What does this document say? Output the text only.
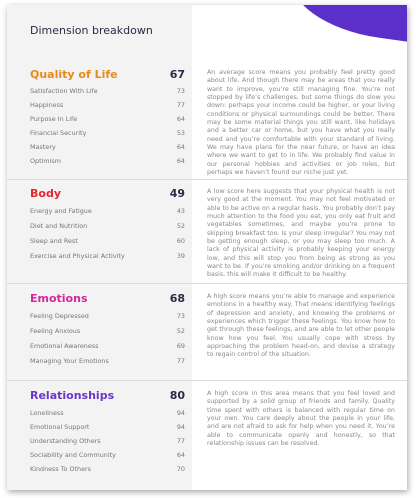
Dimension breakdown
Quality of Life	67
Satisfaction With Life	73
Happiness	77
Purpose In Life	64
Financial Security	53
Mastery	64
Optimism	64
An average score means you probably feel pretty good about life. And though there may be areas that you really want to improve, you’re still managing fine. You’re not stopped by life’s challenges, but some things do slow you down: perhaps your income could be higher, or your living conditions or physical surroundings could be better. There may be some material things you still want, like holidays and a better car or home, but you have what you really need and you’re comfortable with your standard of living. We may have plans for the near future, or have an idea where we want to get to in life. We probably find value in our personal hobbies and activities or job roles, but perhaps we haven’t found our niche just yet.
Body	49
Energy and Fatigue	43
Diet and Nutrition	52
Sleep and Rest	60
Exercise and Physical Activity	39
A low score here suggests that your physical health is not very good at the moment. You may not feel motivated or able to be active on a regular basis. You probably don’t pay much attention to the food you eat, you only eat fruit and vegetables sometimes, and maybe you’re prone to skipping breakfast too. Is your sleep irregular? You may not be getting enough sleep, or you may sleep too much. A lack of physical activity is probably keeping your energy low, and this will stop you from being as strong as you want to be. If you’re smoking and/or drinking on a frequent basis, this will make it difficult to be healthy.
Emotions	68
Feeling Depressed	73
Feeling Anxious	52
Emotional Awareness	69
Managing Your Emotions	77
A high score means you’re able to manage and experience emotions in a healthy way. That means identifying feelings of depression and anxiety, and knowing the problems or experiences which trigger these feelings. You know how to get through these feelings, and are able to let other people know how you feel. You usually cope with stress by approaching the problem head-on, and devise a strategy to regain control of the situation.
Relationships	80
Loneliness	94
Emotional Support	94
Understanding Others	77
Sociability and Community	64
Kindness To Others	70
A high score in this area means that you feel loved and supported by a solid group of friends and family. Quality time spent with others is balanced with regular time on your own. You care deeply about the people in your life, and are not afraid to ask for help when you need it. You’re able to communicate openly and honestly, so that relationship issues can be resolved.
